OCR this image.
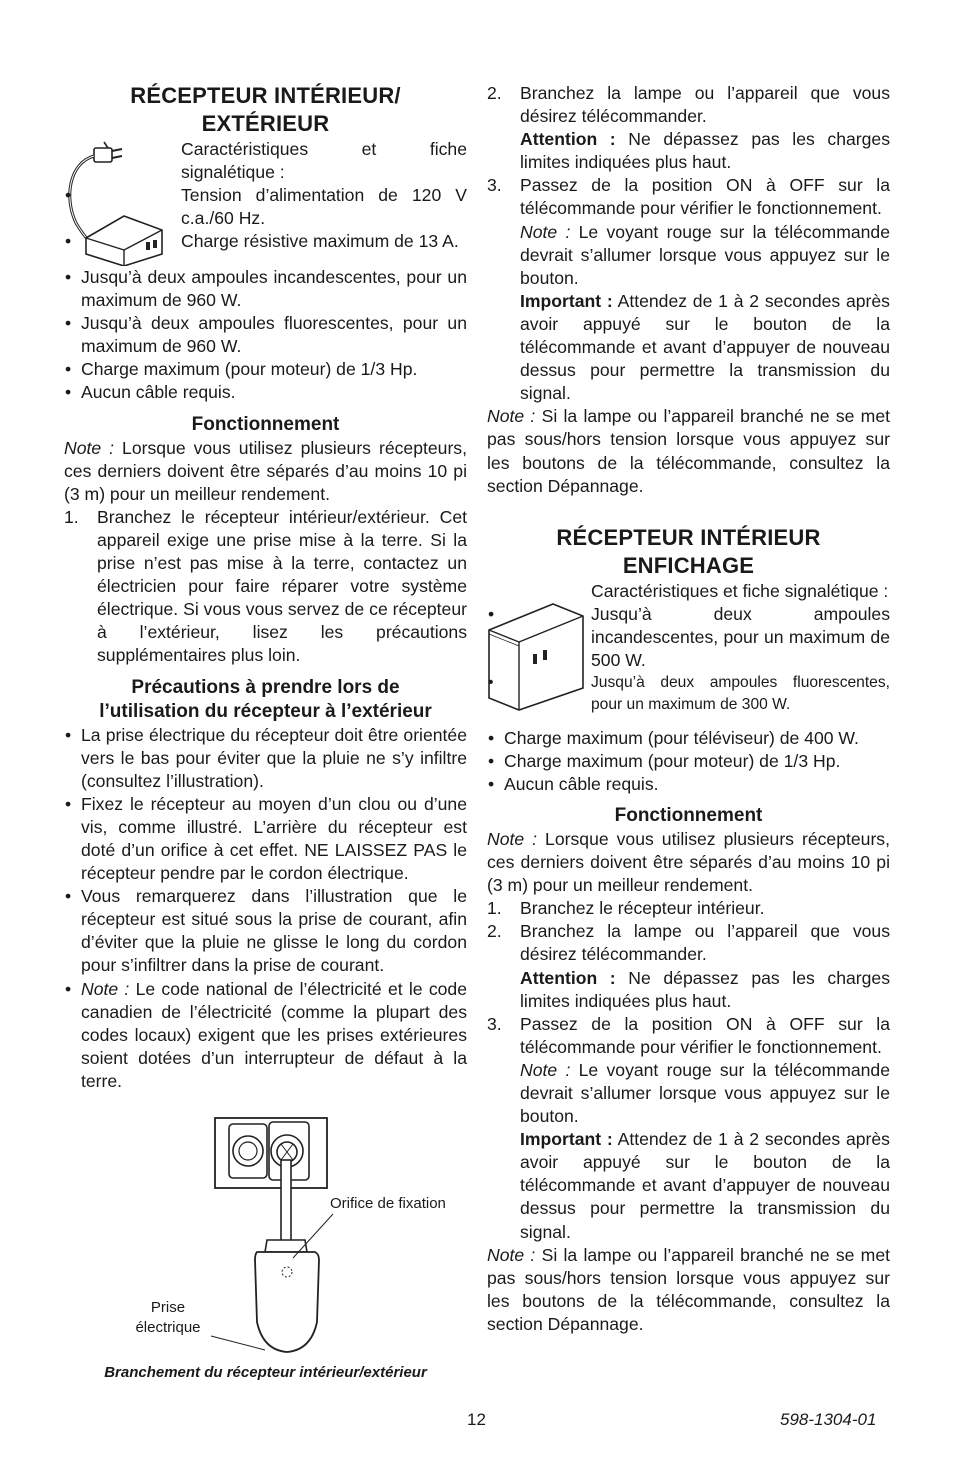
RÉCEPTEUR INTÉRIEUR/
EXTÉRIEUR

Caractéristiques et fiche signalétique :

• Tension d’alimentation de 120 V c.a./60 Hz.
• Charge résistive maximum de 13 A.
• Jusqu’à deux ampoules incandescentes, pour un maximum de 960 W.
• Jusqu’à deux ampoules fluorescentes, pour un maximum de 960 W.
• Charge maximum (pour moteur) de 1/3 Hp.
• Aucun câble requis.
Fonctionnement

Note : Lorsque vous utilisez plusieurs récepteurs, ces derniers doivent être séparés d’au moins 10 pi (3 m) pour un meilleur rendement.

1. Branchez le récepteur intérieur/extérieur. Cet appareil exige une prise mise à la terre. Si la prise n’est pas mise à la terre, contactez un électricien pour faire réparer votre système électrique. Si vous vous servez de ce récepteur à l’extérieur, lisez les précautions supplémentaires plus loin.
Précautions à prendre lors de
l’utilisation du récepteur à l’extérieur
• La prise électrique du récepteur doit être orientée vers le bas pour éviter que la pluie ne s’y infiltre (consultez l’illustration).
• Fixez le récepteur au moyen d’un clou ou d’une vis, comme illustré. L’arrière du récepteur est doté d’un orifice à cet effet. NE LAISSEZ PAS le récepteur pendre par le cordon électrique.
• Vous remarquerez dans l’illustration que le récepteur est situé sous la prise de courant, afin d’éviter que la pluie ne glisse le long du cordon pour s’infiltrer dans la prise de courant.
• Note : Le code national de l’électricité et le code canadien de l’électricité (comme la plupart des codes locaux) exigent que les prises extérieures soient dotées d’un interrupteur de défaut à la terre.
Orifice de fixation
Prise
électrique
Branchement du récepteur intérieur/extérieur
2. Branchez la lampe ou l’appareil que vous désirez télécommander.

Attention : Ne dépassez pas les charges limites indiquées plus haut.

3. Passez de la position ON à OFF sur la télécommande pour vérifier le fonctionnement.

Note : Le voyant rouge sur la télécommande devrait s’allumer lorsque vous appuyez sur le bouton.

Important : Attendez de 1 à 2 secondes après avoir appuyé sur le bouton de la télécommande et avant d’appuyer de nouveau dessus pour permettre la transmission du signal.

Note : Si la lampe ou l’appareil branché ne se met pas sous/hors tension lorsque vous appuyez sur les boutons de la télécommande, consultez la section Dépannage.

RÉCEPTEUR INTÉRIEUR
ENFICHAGE

Caractéristiques et fiche signalétique :

• Jusqu’à deux ampoules incandescentes, pour un maximum de 500 W.
• Jusqu’à deux ampoules fluorescentes, pour un maximum de 300 W.
• Charge maximum (pour téléviseur) de 400 W.
• Charge maximum (pour moteur) de 1/3 Hp.
• Aucun câble requis.
Fonctionnement

Note : Lorsque vous utilisez plusieurs récepteurs, ces derniers doivent être séparés d’au moins 10 pi (3 m) pour un meilleur rendement.

1. Branchez le récepteur intérieur.
2. Branchez la lampe ou l’appareil que vous désirez télécommander.

Attention : Ne dépassez pas les charges limites indiquées plus haut.

3. Passez de la position ON à OFF sur la télécommande pour vérifier le fonctionnement.

Note : Le voyant rouge sur la télécommande devrait s’allumer lorsque vous appuyez sur le bouton.

Important : Attendez de 1 à 2 secondes après avoir appuyé sur le bouton de la télécommande et avant d’appuyer de nouveau dessus pour permettre la transmission du signal.

Note : Si la lampe ou l’appareil branché ne se met pas sous/hors tension lorsque vous appuyez sur les boutons de la télécommande, consultez la section Dépannage.

12	598-1304-01
